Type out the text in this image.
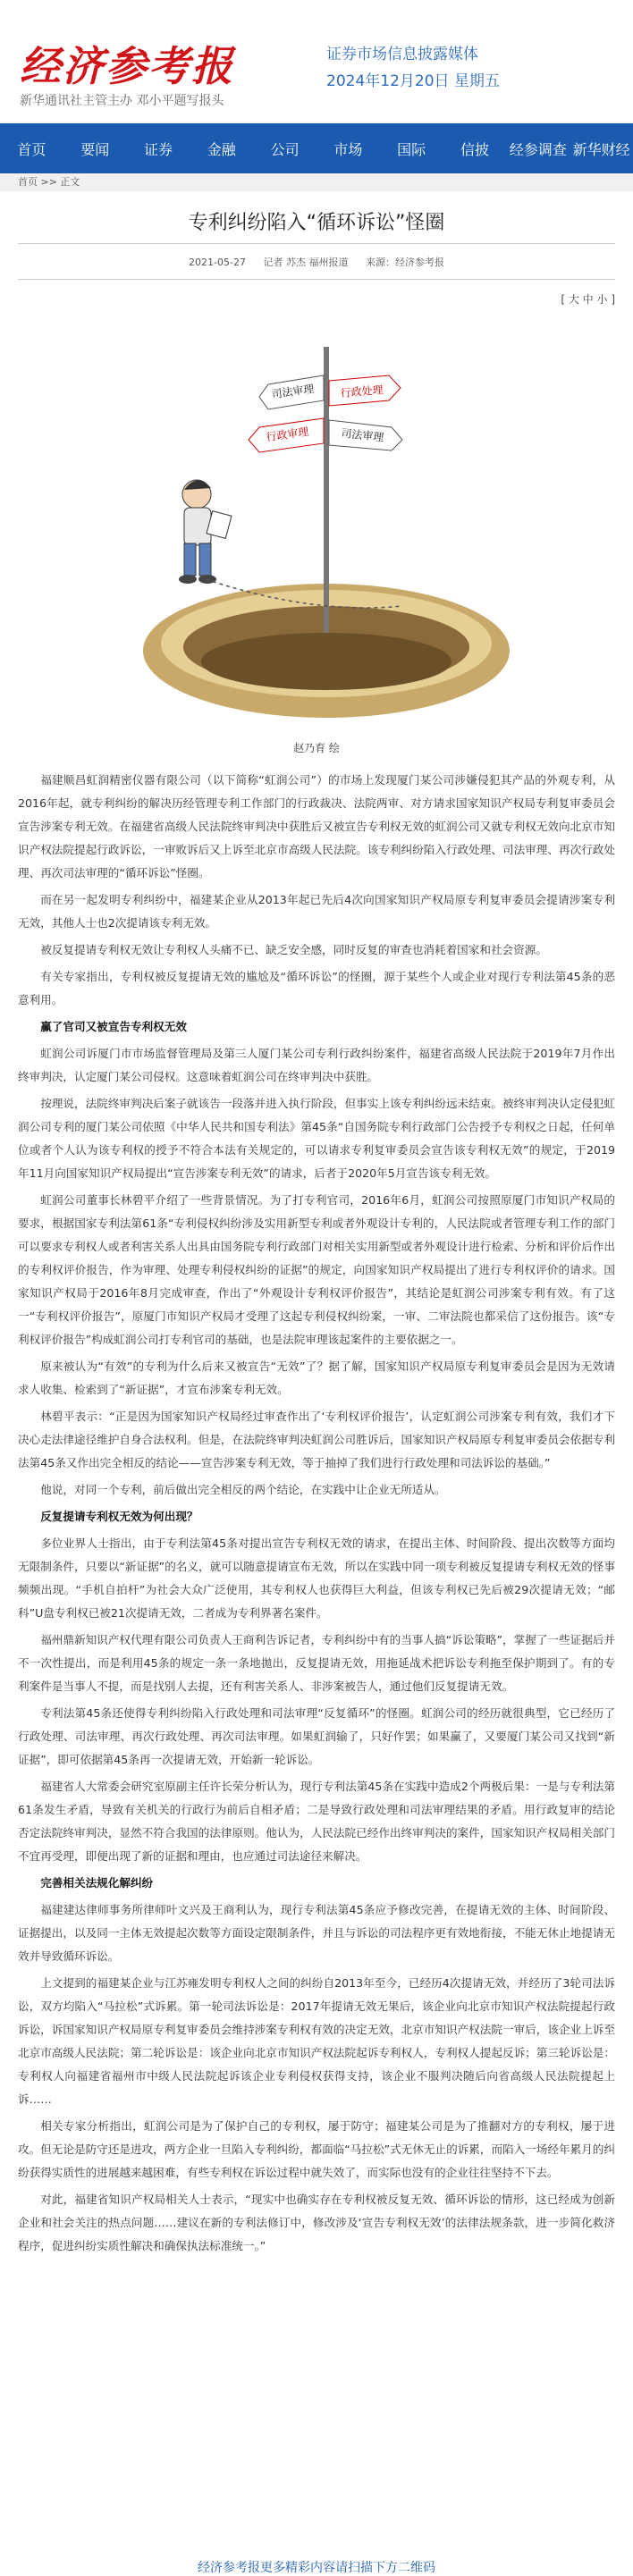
经济参考报
新华通讯社主管主办 邓小平题写报头
证券市场信息披露媒体
2024年12月20日 星期五
首页	要闻	证券	金融	公司	市场	国际	信披	经参调查 新华财经
首页 >> 正文
专利纠纷陷入“循环诉讼”怪圈
2021-05-27 记者 苏杰 福州报道 来源：经济参考报
[ 大 中 小 ]
司法审理 行政处理
行政审理	司法审理
赵乃育 绘

福建顺昌虹润精密仪器有限公司（以下简称“虹润公司”）的市场上发现厦门某公司涉嫌侵犯其产品的外观专利，从2016年起，就专利纠纷的解决历经管理专利工作部门的行政裁决、法院两审、对方请求国家知识产权局专利复审委员会宣告涉案专利无效。在福建省高级人民法院终审判决中获胜后又被宣告专利权无效的虹润公司又就专利权无效向北京市知识产权法院提起行政诉讼，一审败诉后又上诉至北京市高级人民法院。该专利纠纷陷入行政处理、司法审理、再次行政处理、再次司法审理的“循环诉讼”怪圈。

而在另一起发明专利纠纷中，福建某企业从2013年起已先后4次向国家知识产权局原专利复审委员会提请涉案专利无效，其他人士也2次提请该专利无效。

被反复提请专利权无效让专利权人头痛不已、缺乏安全感，同时反复的审查也消耗着国家和社会资源。

有关专家指出，专利权被反复提请无效的尴尬及“循环诉讼”的怪圈，源于某些个人或企业对现行专利法第45条的恶意利用。

赢了官司又被宣告专利权无效

虹润公司诉厦门市市场监督管理局及第三人厦门某公司专利行政纠纷案件，福建省高级人民法院于2019年7月作出终审判决，认定厦门某公司侵权。这意味着虹润公司在终审判决中获胜。

按理说，法院终审判决后案子就该告一段落并进入执行阶段，但事实上该专利纠纷远未结束。被终审判决认定侵犯虹润公司专利的厦门某公司依照《中华人民共和国专利法》第45条“自国务院专利行政部门公告授予专利权之日起，任何单位或者个人认为该专利权的授予不符合本法有关规定的，可以请求专利复审委员会宣告该专利权无效”的规定，于2019年11月向国家知识产权局提出“宣告涉案专利无效”的请求，后者于2020年5月宣告该专利无效。

虹润公司董事长林碧平介绍了一些背景情况。为了打专利官司，2016年6月，虹润公司按照原厦门市知识产权局的要求，根据国家专利法第61条“专利侵权纠纷涉及实用新型专利或者外观设计专利的，人民法院或者管理专利工作的部门可以要求专利权人或者利害关系人出具由国务院专利行政部门对相关实用新型或者外观设计进行检索、分析和评价后作出的专利权评价报告，作为审理、处理专利侵权纠纷的证据”的规定，向国家知识产权局提出了进行专利权评价的请求。国家知识产权局于2016年8月完成审查，作出了“外观设计专利权评价报告”，其结论是虹润公司涉案专利有效。有了这一“专利权评价报告”，原厦门市知识产权局才受理了这起专利侵权纠纷案，一审、二审法院也都采信了这份报告。该“专利权评价报告”构成虹润公司打专利官司的基础，也是法院审理该起案件的主要依据之一。

原来被认为“有效”的专利为什么后来又被宣告“无效”了？据了解，国家知识产权局原专利复审委员会是因为无效请求人收集、检索到了“新证据”，才宣布涉案专利无效。

林碧平表示：“正是因为国家知识产权局经过审查作出了‘专利权评价报告’，认定虹润公司涉案专利有效，我们才下决心走法律途径维护自身合法权利。但是，在法院终审判决虹润公司胜诉后，国家知识产权局原专利复审委员会依据专利法第45条又作出完全相反的结论——宣告涉案专利无效，等于抽掉了我们进行行政处理和司法诉讼的基础。”

他说，对同一个专利，前后做出完全相反的两个结论，在实践中让企业无所适从。

反复提请专利权无效为何出现？

多位业界人士指出，由于专利法第45条对提出宣告专利权无效的请求，在提出主体、时间阶段、提出次数等方面均无限制条件，只要以“新证据”的名义，就可以随意提请宣布无效，所以在实践中同一项专利被反复提请专利权无效的怪事频频出现。“手机自拍杆”为社会大众广泛使用，其专利权人也获得巨大利益，但该专利权已先后被29次提请无效；“邮科”U盘专利权已被21次提请无效，二者成为专利界著名案件。

福州鼎新知识产权代理有限公司负责人王商利告诉记者，专利纠纷中有的当事人搞“诉讼策略”，掌握了一些证据后并不一次性提出，而是利用45条的规定一条一条地拋出，反复提请无效，用拖延战术把诉讼专利拖至保护期到了。有的专利案件是当事人不提，而是找别人去提，还有利害关系人、非涉案被告人，通过他们反复提请无效。

专利法第45条还使得专利纠纷陷入行政处理和司法审理“反复循环”的怪圈。虹润公司的经历就很典型，它已经历了行政处理、司法审理、再次行政处理、再次司法审理。如果虹润输了，只好作罢；如果赢了，又要厦门某公司又找到“新证据”，即可依据第45条再一次提请无效，开始新一轮诉讼。

福建省人大常委会研究室原副主任许长荣分析认为，现行专利法第45条在实践中造成2个两极后果：一是与专利法第61条发生矛盾，导致有关机关的行政行为前后自相矛盾；二是导致行政处理和司法审理结果的矛盾。用行政复审的结论否定法院终审判决，显然不符合我国的法律原则。他认为，人民法院已经作出终审判决的案件，国家知识产权局相关部门不宜再受理，即便出现了新的证据和理由，也应通过司法途径来解决。

完善相关法规化解纠纷

福建建达律师事务所律师叶文兴及王商利认为，现行专利法第45条应予修改完善，在提请无效的主体、时间阶段、证据提出，以及同一主体无效提起次数等方面设定限制条件，并且与诉讼的司法程序更有效地衔接，不能无休止地提请无效并导致循环诉讼。

上文提到的福建某企业与江苏雍发明专利权人之间的纠纷自2013年至今，已经历4次提请无效，并经历了3轮司法诉讼，双方均陷入“马拉松”式诉累。第一轮司法诉讼是：2017年提请无效无果后，该企业向北京市知识产权法院提起行政诉讼，诉国家知识产权局原专利复审委员会维持涉案专利权有效的决定无效，北京市知识产权法院一审后，该企业上诉至北京市高级人民法院；第二轮诉讼是：该企业向北京市知识产权法院起诉专利权人，专利权人提起反诉；第三轮诉讼是：专利权人向福建省福州市中级人民法院起诉该企业专利侵权获得支持，该企业不服判决随后向省高级人民法院提起上诉……

相关专家分析指出，虹润公司是为了保护自己的专利权，屡于防守；福建某公司是为了推翻对方的专利权，屡于进攻。但无论是防守还是进攻，两方企业一旦陷入专利纠纷，都面临“马拉松”式无休无止的诉累，而陷入一场经年累月的纠纷获得实质性的进展越来越困难，有些专利权在诉讼过程中就失效了，而实际也没有的企业往往坚持不下去。

对此，福建省知识产权局相关人士表示，“现实中也确实存在专利权被反复无效、循环诉讼的情形，这已经成为创新企业和社会关注的热点问题……建议在新的专利法修订中，修改涉及‘宣告专利权无效’的法律法规条款，进一步简化救济程序，促进纠纷实质性解决和确保执法标准统一。”

经济参考报更多精彩内容请扫描下方二维码
